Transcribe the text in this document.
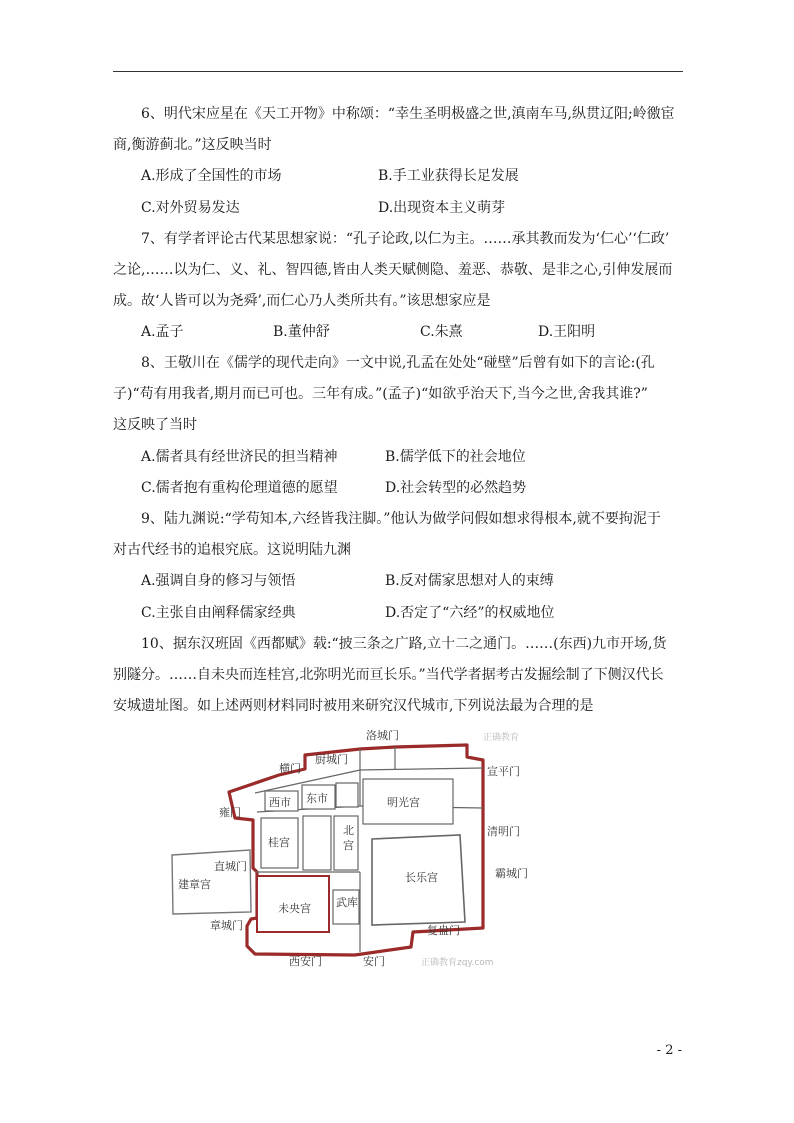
6、明代宋应星在《天工开物》中称颂：“幸生圣明极盛之世,滇南车马,纵贯辽阳;岭徼宦
商,衡游蓟北。”这反映当时
A.形成了全国性的市场	B.手工业获得长足发展
C.对外贸易发达	D.出现资本主义萌芽
7、有学者评论古代某思想家说：“孔子论政,以仁为主。……承其教而发为‘仁心’‘仁政’
之论,……以为仁、义、礼、智四德,皆由人类天赋侧隐、羞恶、恭敬、是非之心,引伸发展而
成。故‘人皆可以为尧舜’,而仁心乃人类所共有。”该思想家应是
A.孟子	B.董仲舒	C.朱熹	D.王阳明
8、王敬川在《儒学的现代走向》一文中说,孔孟在处处“碰壁”后曾有如下的言论:(孔
子)“苟有用我者,期月而已可也。三年有成。”(孟子)“如欲乎治天下,当今之世,舍我其谁?”
这反映了当时
A.儒者具有经世济民的担当精神	B.儒学低下的社会地位
C.儒者抱有重构伦理道德的愿望	D.社会转型的必然趋势
9、陆九渊说:“学苟知本,六经皆我注脚。”他认为做学问假如想求得根本,就不要拘泥于
对古代经书的追根究底。这说明陆九渊
A.强调自身的修习与领悟	B.反对儒家思想对人的束缚
C.主张自由阐释儒家经典	D.否定了“六经”的权威地位
10、据东汉班固《西都赋》载:“披三条之广路,立十二之通门。……(东西)九市开场,货
别隧分。……自未央而连桂宫,北弥明光而亘长乐。”当代学者据考古发掘绘制了下侧汉代长
安城遗址图。如上述两则材料同时被用来研究汉代城市,下列说法最为合理的是
西市 东市	明光宫
桂宫
北
宫
长乐宫
建章宫
未央宫 武库
洛城门
厨城门
横门	宣平门
雍门
清明门
直城门
霸城门
章城门	复盎门
西安门	安门
正确教育
正确教育zqy.com
- 2 -
